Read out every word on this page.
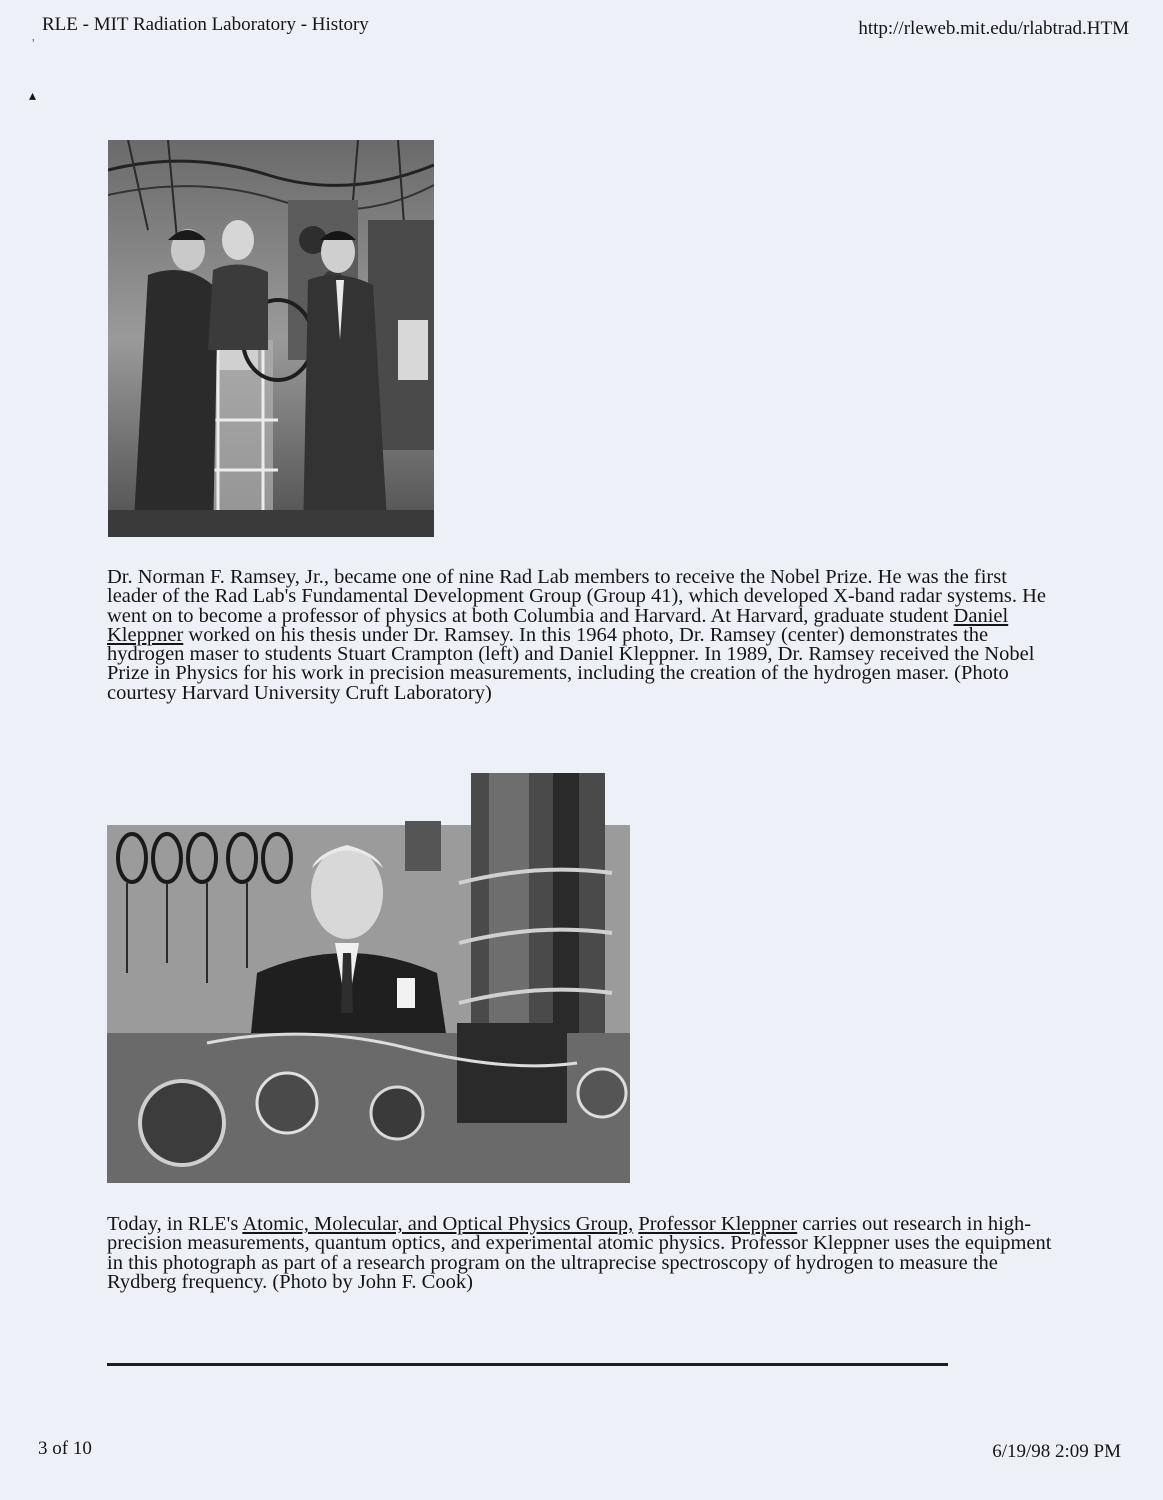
RLE - MIT Radiation Laboratory - History	http://rleweb.mit.edu/rlabtrad.HTM
ʾ
▴
Dr. Norman F. Ramsey, Jr., became one of nine Rad Lab members to receive the Nobel Prize. He was the first leader of the Rad Lab's Fundamental Development Group (Group 41), which developed X-band radar systems. He went on to become a professor of physics at both Columbia and Harvard. At Harvard, graduate student Daniel Kleppner worked on his thesis under Dr. Ramsey. In this 1964 photo, Dr. Ramsey (center) demonstrates the hydrogen maser to students Stuart Crampton (left) and Daniel Kleppner. In 1989, Dr. Ramsey received the Nobel Prize in Physics for his work in precision measurements, including the creation of the hydrogen maser. (Photo courtesy Harvard University Cruft Laboratory)
Today, in RLE's Atomic, Molecular, and Optical Physics Group, Professor Kleppner carries out research in high-precision measurements, quantum optics, and experimental atomic physics. Professor Kleppner uses the equipment in this photograph as part of a research program on the ultraprecise spectroscopy of hydrogen to measure the Rydberg frequency. (Photo by John F. Cook)
3 of 10	6/19/98 2:09 PM
